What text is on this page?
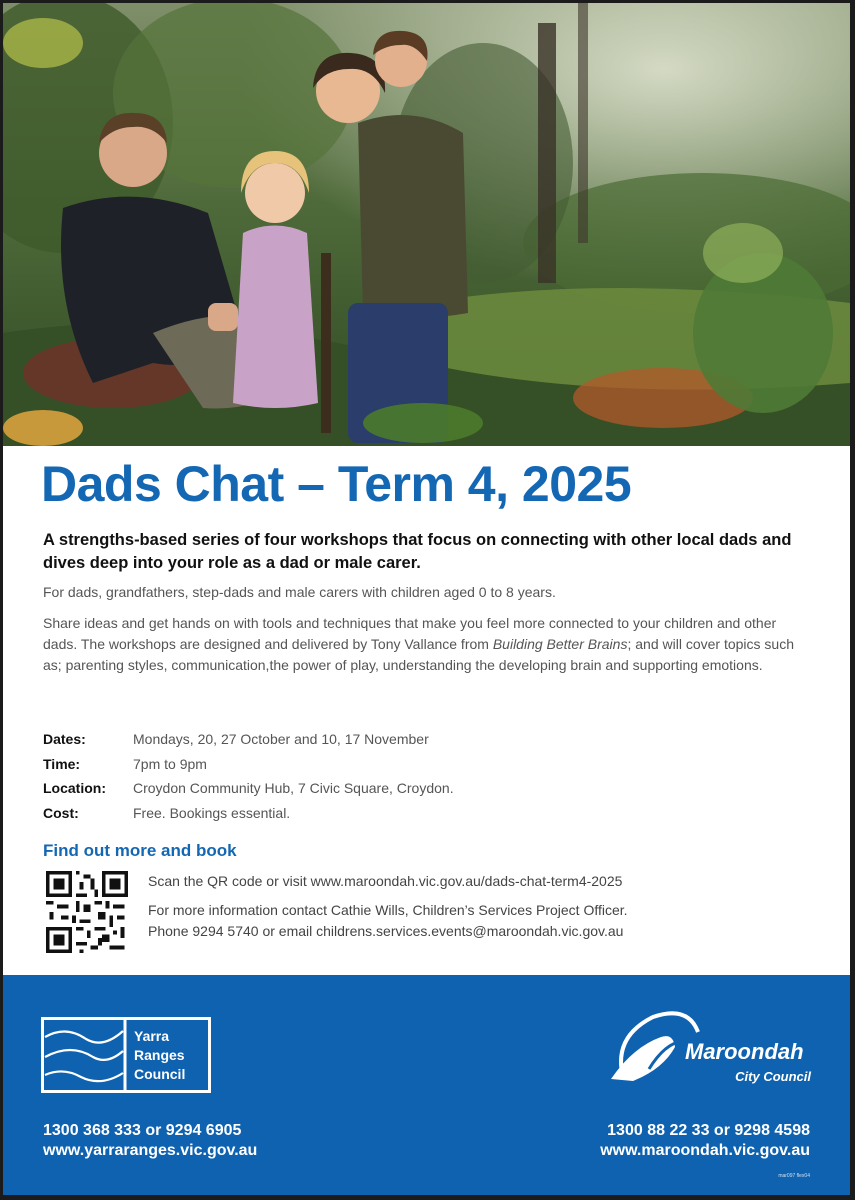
Dads Chat – Term 4, 2025

A strengths-based series of four workshops that focus on connecting with other local dads and dives deep into your role as a dad or male carer.

For dads, grandfathers, step-dads and male carers with children aged 0 to 8 years.

Share ideas and get hands on with tools and techniques that make you feel more connected to your children and other dads. The workshops are designed and delivered by Tony Vallance from Building Better Brains; and will cover topics such as; parenting styles, communication,the power of play, understanding the developing brain and supporting emotions.

Dates:	Mondays, 20, 27 October and 10, 17 November
Time:	7pm to 9pm
Location:	Croydon Community Hub, 7 Civic Square, Croydon.
Cost:	Free. Bookings essential.
Find out more and book

Scan the QR code or visit www.maroondah.vic.gov.au/dads-chat-term4-2025

For more information contact Cathie Wills, Children’s Services Project Officer.

Phone 9294 5740 or email childrens.services.events@maroondah.vic.gov.au

Yarra
Ranges
Council
Maroondah
City Council
1300 368 333 or 9294 6905
www.yarraranges.vic.gov.au
1300 88 22 33 or 9298 4598
www.maroondah.vic.gov.au
mar097 flex04
